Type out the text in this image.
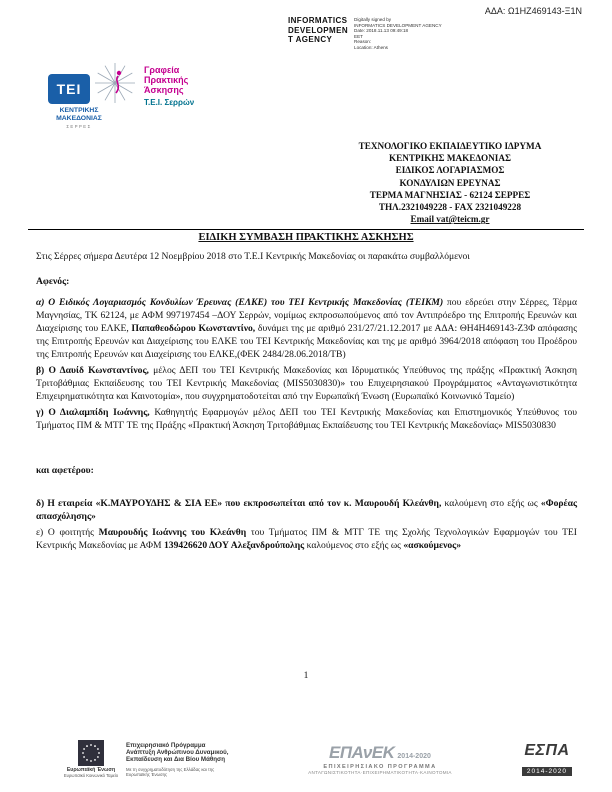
ΑΔΑ: Ω1ΗΖ469143-Ξ1Ν
INFORMATICS
DEVELOPMEN
T AGENCY
Digitally signed by
INFORMATICS DEVELOPMENT AGENCY
Date: 2018.11.13 09:49:18
EET
Reason:
Location: Athens
ΤΕΙ
ΚΕΝΤΡΙΚΗΣ
ΜΑΚΕΔΟΝΙΑΣ
ΣΕΡΡΕΣ
Γραφεία
Πρακτικής
Άσκησης
Τ.Ε.Ι. Σερρών
ΤΕΧΝΟΛΟΓΙΚΟ ΕΚΠΑΙΔΕΥΤΙΚΟ ΙΔΡΥΜΑ
ΚΕΝΤΡΙΚΗΣ ΜΑΚΕΔΟΝΙΑΣ
ΕΙΔΙΚΟΣ ΛΟΓΑΡΙΑΣΜΟΣ
ΚΟΝΔΥΛΙΩΝ ΕΡΕΥΝΑΣ
ΤΕΡΜΑ ΜΑΓΝΗΣΙΑΣ - 62124 ΣΕΡΡΕΣ
ΤΗΛ.2321049228 - FAX 2321049228
Email vat@teicm.gr
ΕΙΔΙΚΗ ΣΥΜΒΑΣΗ ΠΡΑΚΤΙΚΗΣ ΑΣΚΗΣΗΣ

Στις Σέρρες σήμερα Δευτέρα 12 Νοεμβρίου 2018 στο Τ.Ε.Ι Κεντρικής Μακεδονίας οι παρακάτω συμβαλλόμενοι

Αφενός:

α) Ο Ειδικός Λογαριασμός Κονδυλίων Έρευνας (ΕΛΚΕ) του ΤΕΙ Κεντρικής Μακεδονίας (ΤΕΙΚΜ) που εδρεύει στην Σέρρες, Τέρμα Μαγνησίας, ΤΚ 62124, με ΑΦΜ 997197454 –ΔΟΥ Σερρών, νομίμως εκπροσωπούμενος από τον Αντιπρόεδρο της Επιτροπής Ερευνών και Διαχείρισης του ΕΛΚΕ, Παπαθεοδώρου Κωνσταντίνο, δυνάμει της με αριθμό 231/27/21.12.2017 με ΑΔΑ: ΘΗ4Η469143-Ζ3Φ απόφασης της Επιτροπής Ερευνών και Διαχείρισης του ΕΛΚΕ του ΤΕΙ Κεντρικής Μακεδονίας και της με αριθμό 3964/2018 απόφαση του Προέδρου της Επιτροπής Ερευνών και Διαχείρισης του ΕΛΚΕ,(ΦΕΚ 2484/28.06.2018/ΤΒ)

β) Ο Δαυίδ Κωνσταντίνος, μέλος ΔΕΠ του ΤΕΙ Κεντρικής Μακεδονίας και Ιδρυματικός Υπεύθυνος της πράξης «Πρακτική Άσκηση Τριτοβάθμιας Εκπαίδευσης του ΤΕΙ Κεντρικής Μακεδονίας (MIS5030830)» του Επιχειρησιακού Προγράμματος «Ανταγωνιστικότητα Επιχειρηματικότητα και Καινοτομία», που συγχρηματοδοτείται από την Ευρωπαϊκή Ένωση (Ευρωπαϊκό Κοινωνικό Ταμείο)

γ) Ο Διαλαμπίδη Ιωάννης, Καθηγητής Εφαρμογών μέλος ΔΕΠ του ΤΕΙ Κεντρικής Μακεδονίας και Επιστημονικός Υπεύθυνος του Τμήματος ΠΜ & ΜΤΓ ΤΕ της Πράξης «Πρακτική Άσκηση Τριτοβάθμιας Εκπαίδευσης του ΤΕΙ Κεντρικής Μακεδονίας» MIS5030830

και αφετέρου:

δ) Η εταιρεία «Κ.ΜΑΥΡΟΥΔΗΣ & ΣΙΑ ΕΕ» που εκπροσωπείται από τον κ. Μαυρουδή Κλεάνθη, καλούμενη στο εξής ως «Φορέας απασχόλησης»

ε) Ο φοιτητής Μαυρουδής Ιωάννης του Κλεάνθη του Τμήματος ΠΜ & ΜΤΓ ΤΕ της Σχολής Τεχνολογικών Εφαρμογών του ΤΕΙ Κεντρικής Μακεδονίας με ΑΦΜ 139426620 ΔΟΥ Αλεξανδρούπολης καλούμενος στο εξής ως «ασκούμενος»

1
Ευρωπαϊκή Ένωση
Ευρωπαϊκό Κοινωνικό Ταμείο
Επιχειρησιακό Πρόγραμμα
Ανάπτυξη Ανθρώπινου Δυναμικού,
Εκπαίδευση και Δια Βίου Μάθηση
Με τη συγχρηματοδότηση της Ελλάδας και της Ευρωπαϊκής Ένωσης
ΕΠΑνΕΚ 2014-2020
ΕΠΙΧΕΙΡΗΣΙΑΚΟ ΠΡΟΓΡΑΜΜΑ
ΑΝΤΑΓΩΝΙΣΤΙΚΟΤΗΤΑ·ΕΠΙΧΕΙΡΗΜΑΤΙΚΟΤΗΤΑ·ΚΑΙΝΟΤΟΜΙΑ
ΕΣΠΑ
2014-2020
